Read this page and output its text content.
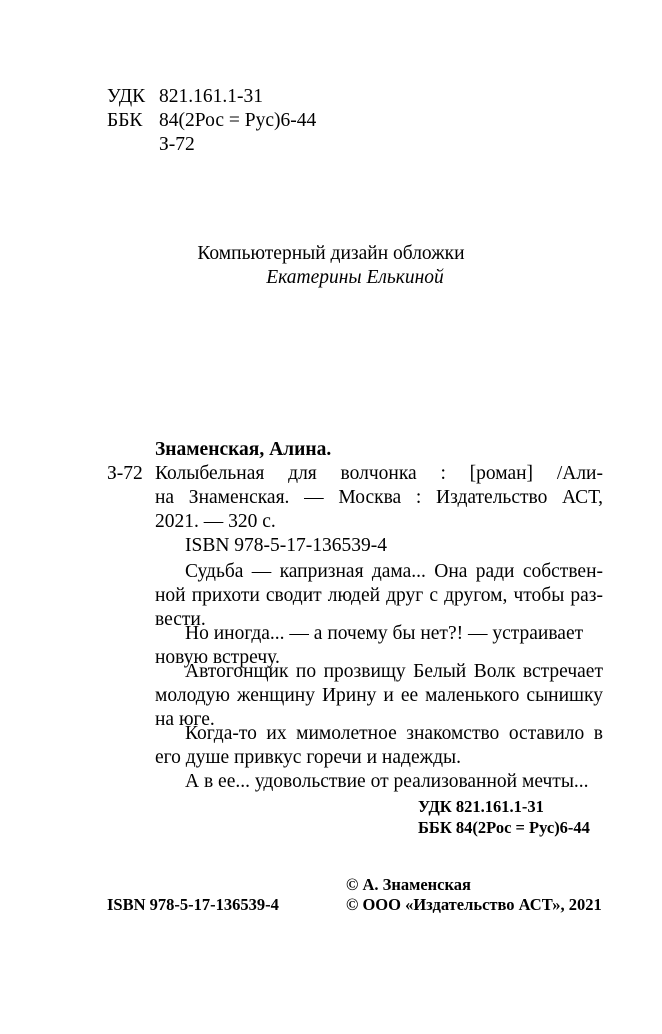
УДК 821.161.1-31
ББК 84(2Рос = Рус)6-44
З-72
Компьютерный дизайн обложки
Екатерины Елькиной
Знаменская, Алина.
З-72 Колыбельная для волчонка : [роман] /Али-
на Знаменская. — Москва : Издательство АСТ,
2021. — 320 с.
ISBN 978-5-17-136539-4
Судьба — капризная дама... Она ради собствен-
ной прихоти сводит людей друг с другом, чтобы раз-
вести.
Но иногда... — а почему бы нет?! — устраивает
новую встречу.
Автогонщик по прозвищу Белый Волк встречает
молодую женщину Ирину и ее маленького сынишку
на юге.
Когда-то их мимолетное знакомство оставило в
его душе привкус горечи и надежды.
А в ее... удовольствие от реализованной мечты...
УДК 821.161.1-31
ББК 84(2Рос = Рус)6-44
ISBN 978-5-17-136539-4
© А. Знаменская
© ООО «Издательство АСТ», 2021
